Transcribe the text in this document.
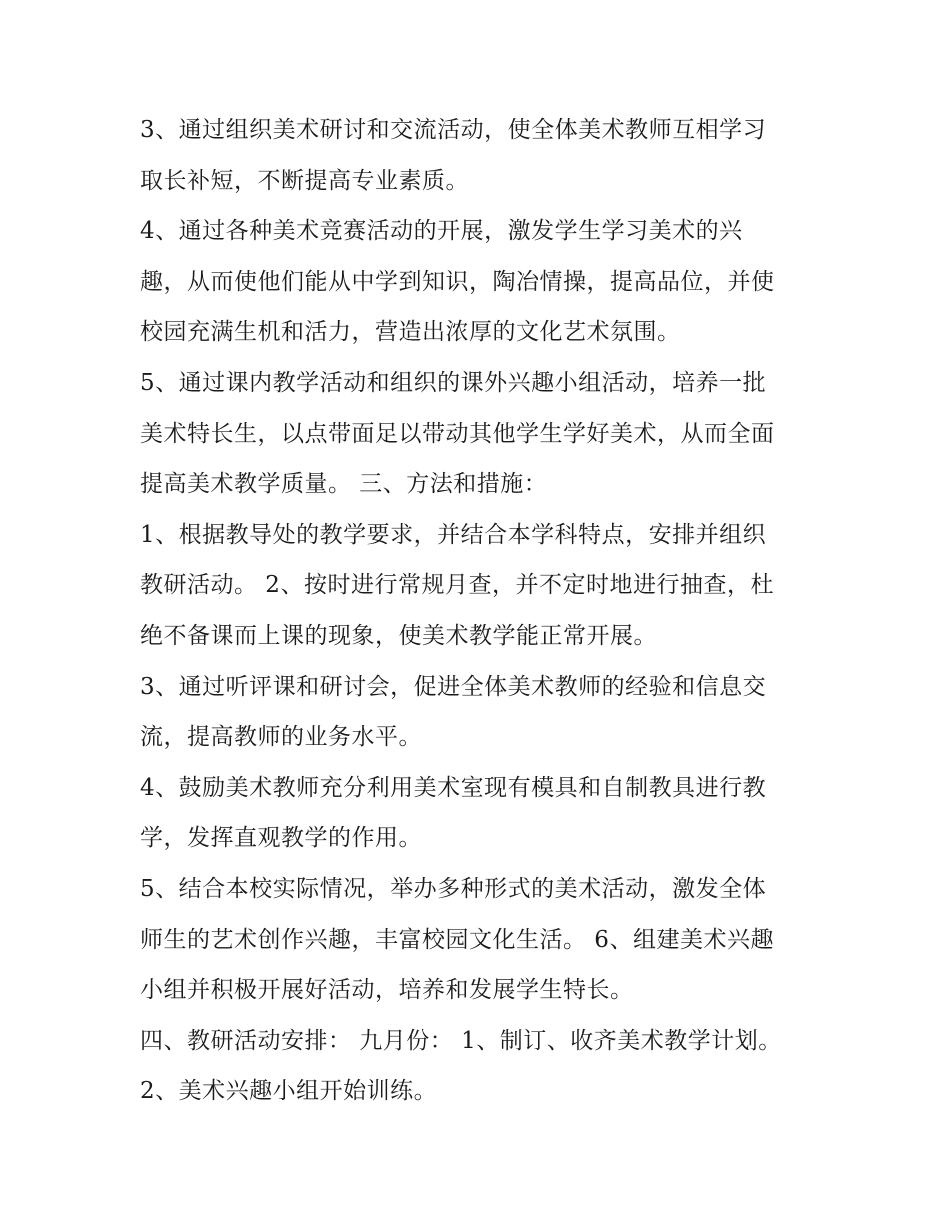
3、通过组织美术研讨和交流活动，使全体美术教师互相学习

取长补短，不断提高专业素质。

4、通过各种美术竞赛活动的开展，激发学生学习美术的兴

趣，从而使他们能从中学到知识，陶冶情操，提高品位，并使

校园充满生机和活力，营造出浓厚的文化艺术氛围。

5、通过课内教学活动和组织的课外兴趣小组活动，培养一批

美术特长生，以点带面足以带动其他学生学好美术，从而全面

提高美术教学质量。 三、方法和措施：

1、根据教导处的教学要求，并结合本学科特点，安排并组织

教研活动。 2、按时进行常规月查，并不定时地进行抽查，杜

绝不备课而上课的现象，使美术教学能正常开展。

3、通过听评课和研讨会，促进全体美术教师的经验和信息交

流，提高教师的业务水平。

4、鼓励美术教师充分利用美术室现有模具和自制教具进行教

学，发挥直观教学的作用。

5、结合本校实际情况，举办多种形式的美术活动，激发全体

师生的艺术创作兴趣，丰富校园文化生活。 6、组建美术兴趣

小组并积极开展好活动，培养和发展学生特长。

四、教研活动安排： 九月份： 1、制订、收齐美术教学计划。

2、美术兴趣小组开始训练。
